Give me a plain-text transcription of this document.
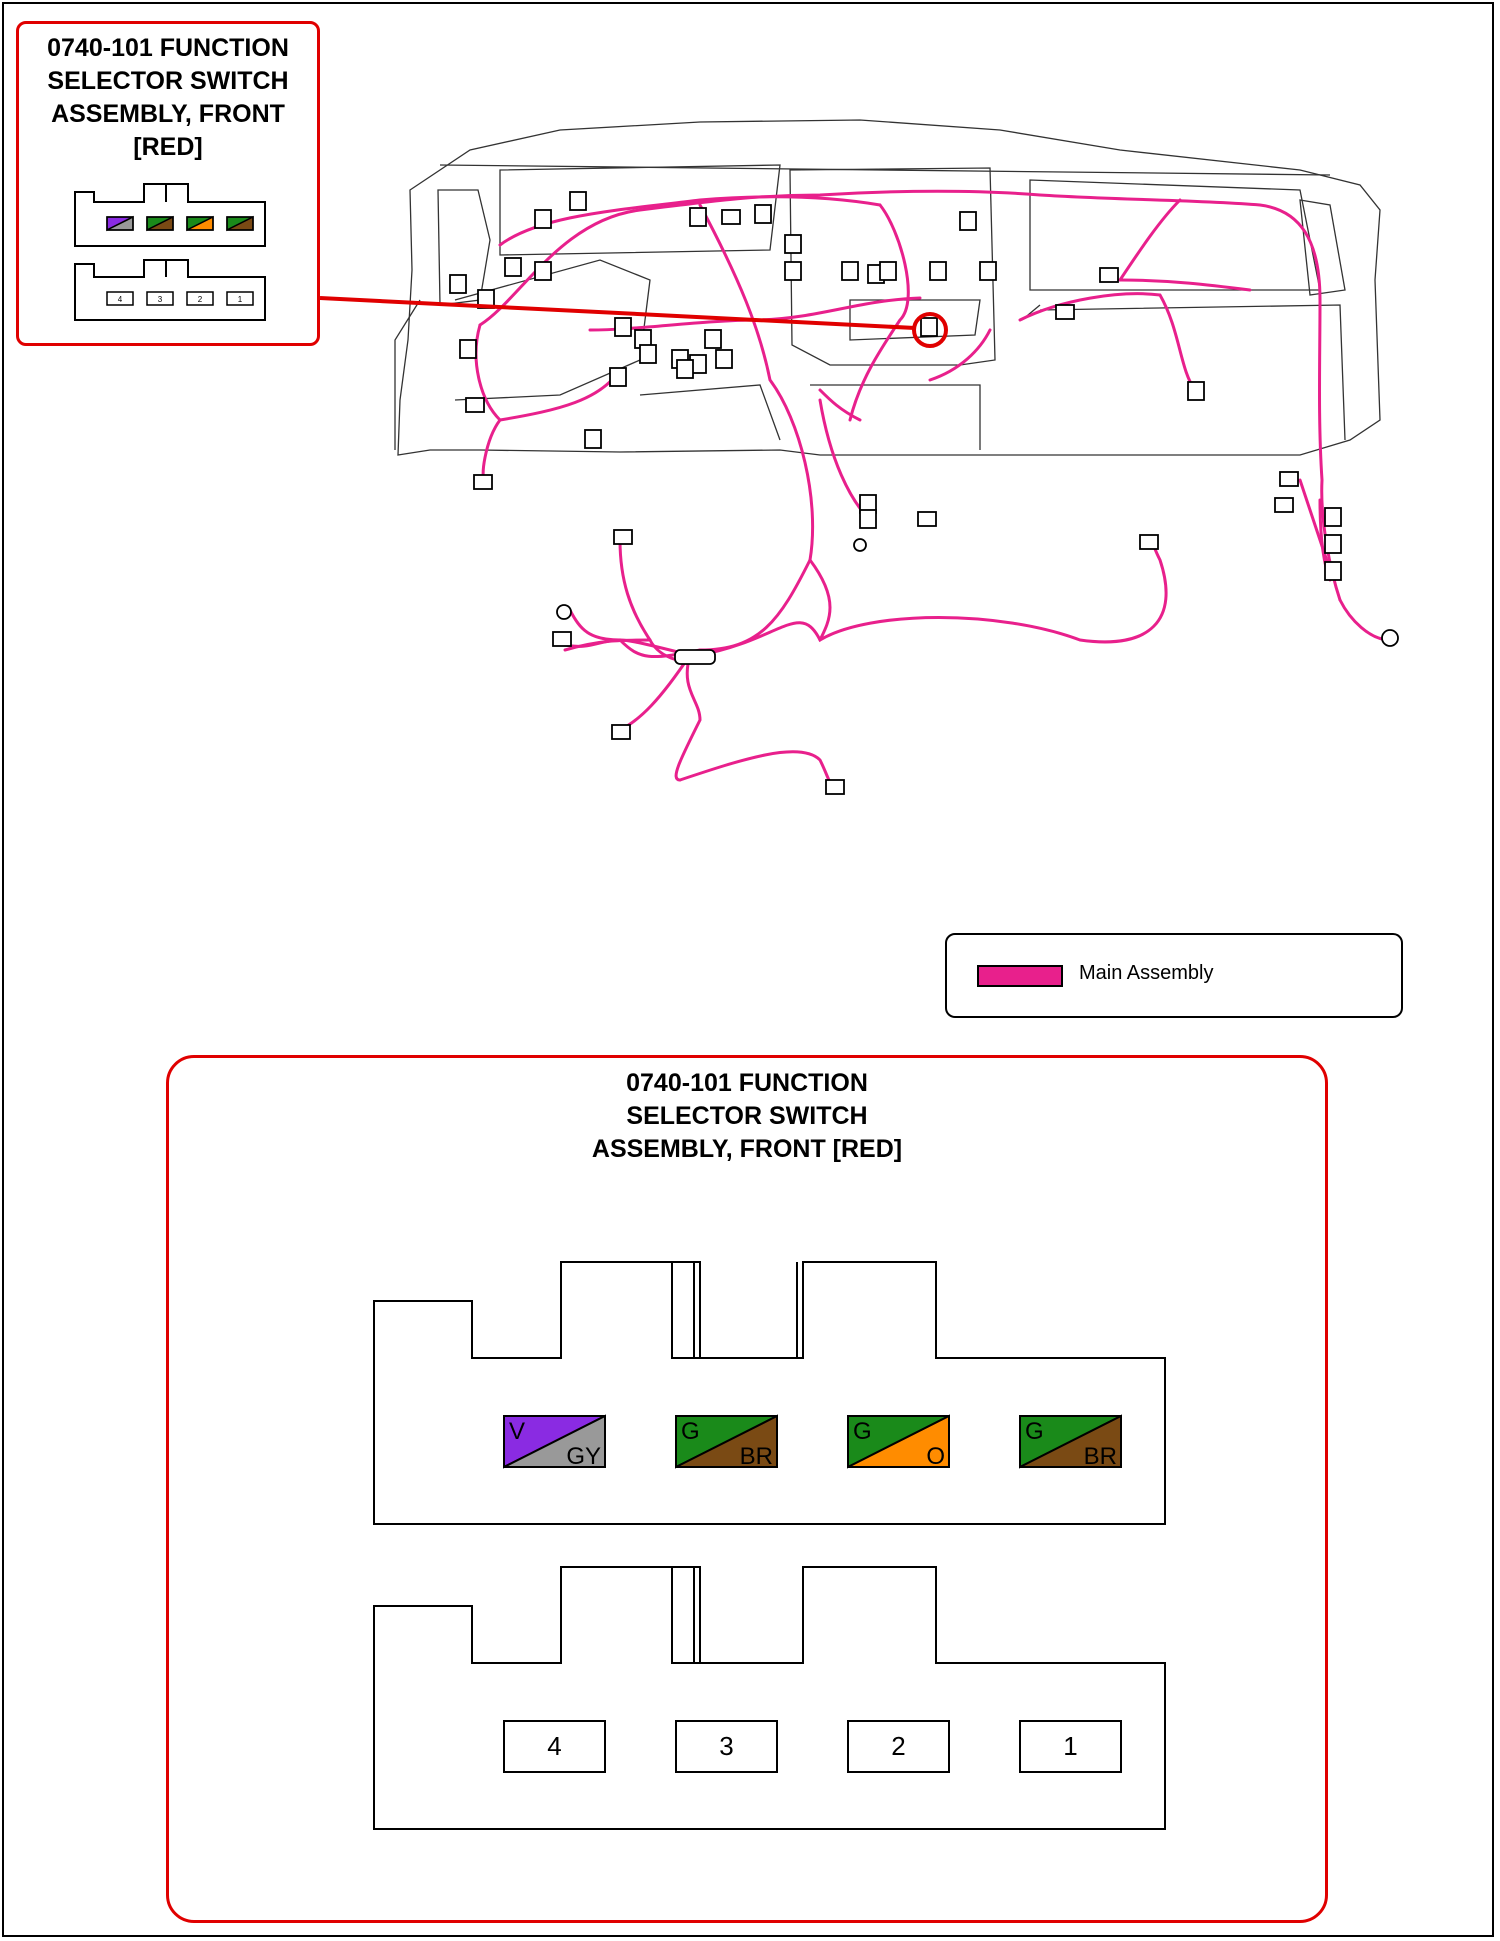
0740-101 FUNCTION
SELECTOR SWITCH
ASSEMBLY, FRONT
[RED]
4	3	2	1
Main Assembly
0740-101 FUNCTION
SELECTOR SWITCH
ASSEMBLY, FRONT [RED]
V
GY
G
BR
G
O
G
BR
4	3	2	1
